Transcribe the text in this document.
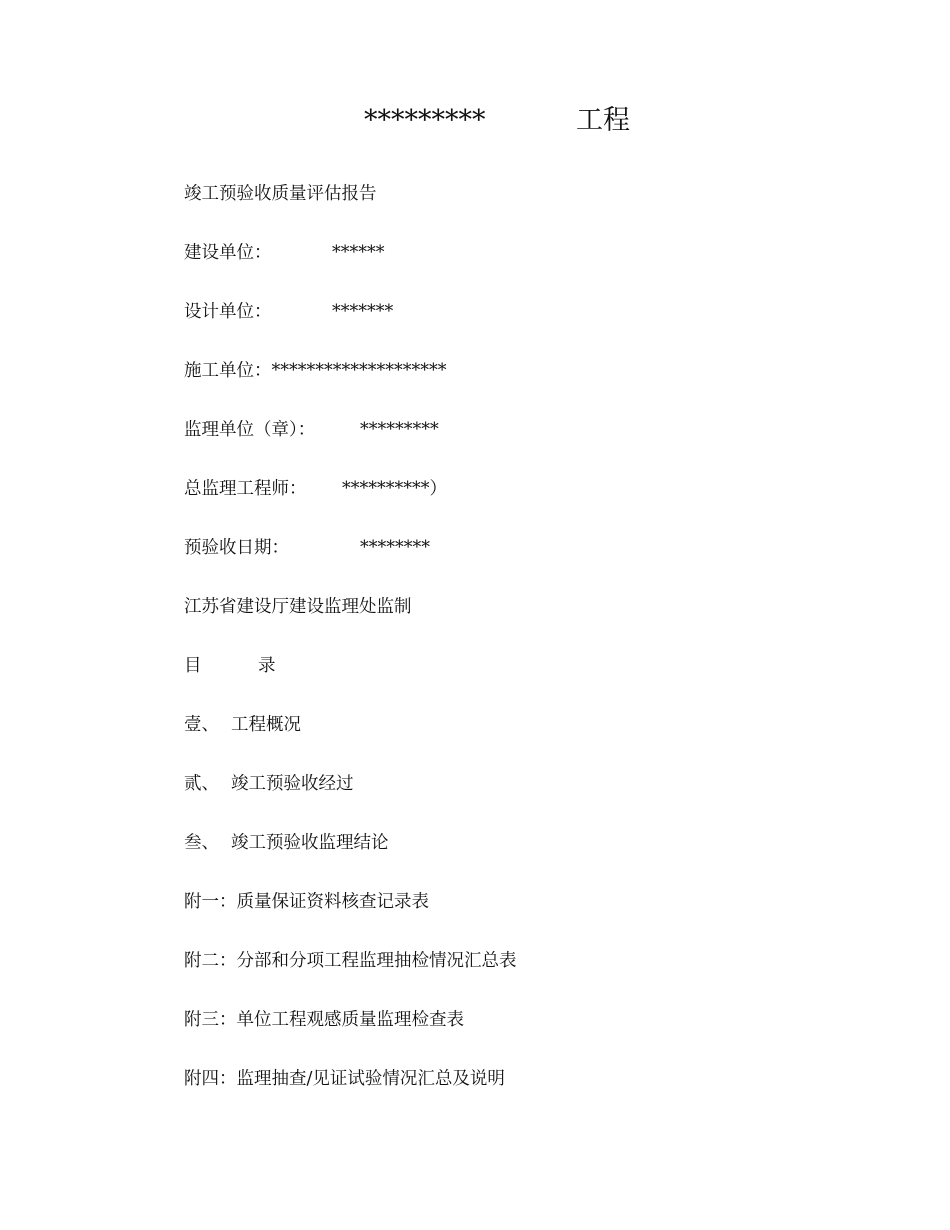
*********	工程
竣工预验收质量评估报告
建设单位：	******
设计单位：	*******
施工单位：********************
监理单位（章）：	*********
总监理工程师： **********）
预验收日期：	********
江苏省建设厅建设监理处监制
目	录
壹、 工程概况
贰、 竣工预验收经过
叁、 竣工预验收监理结论
附一：质量保证资料核查记录表
附二：分部和分项工程监理抽检情况汇总表
附三：单位工程观感质量监理检查表
附四：监理抽查/见证试验情况汇总及说明
